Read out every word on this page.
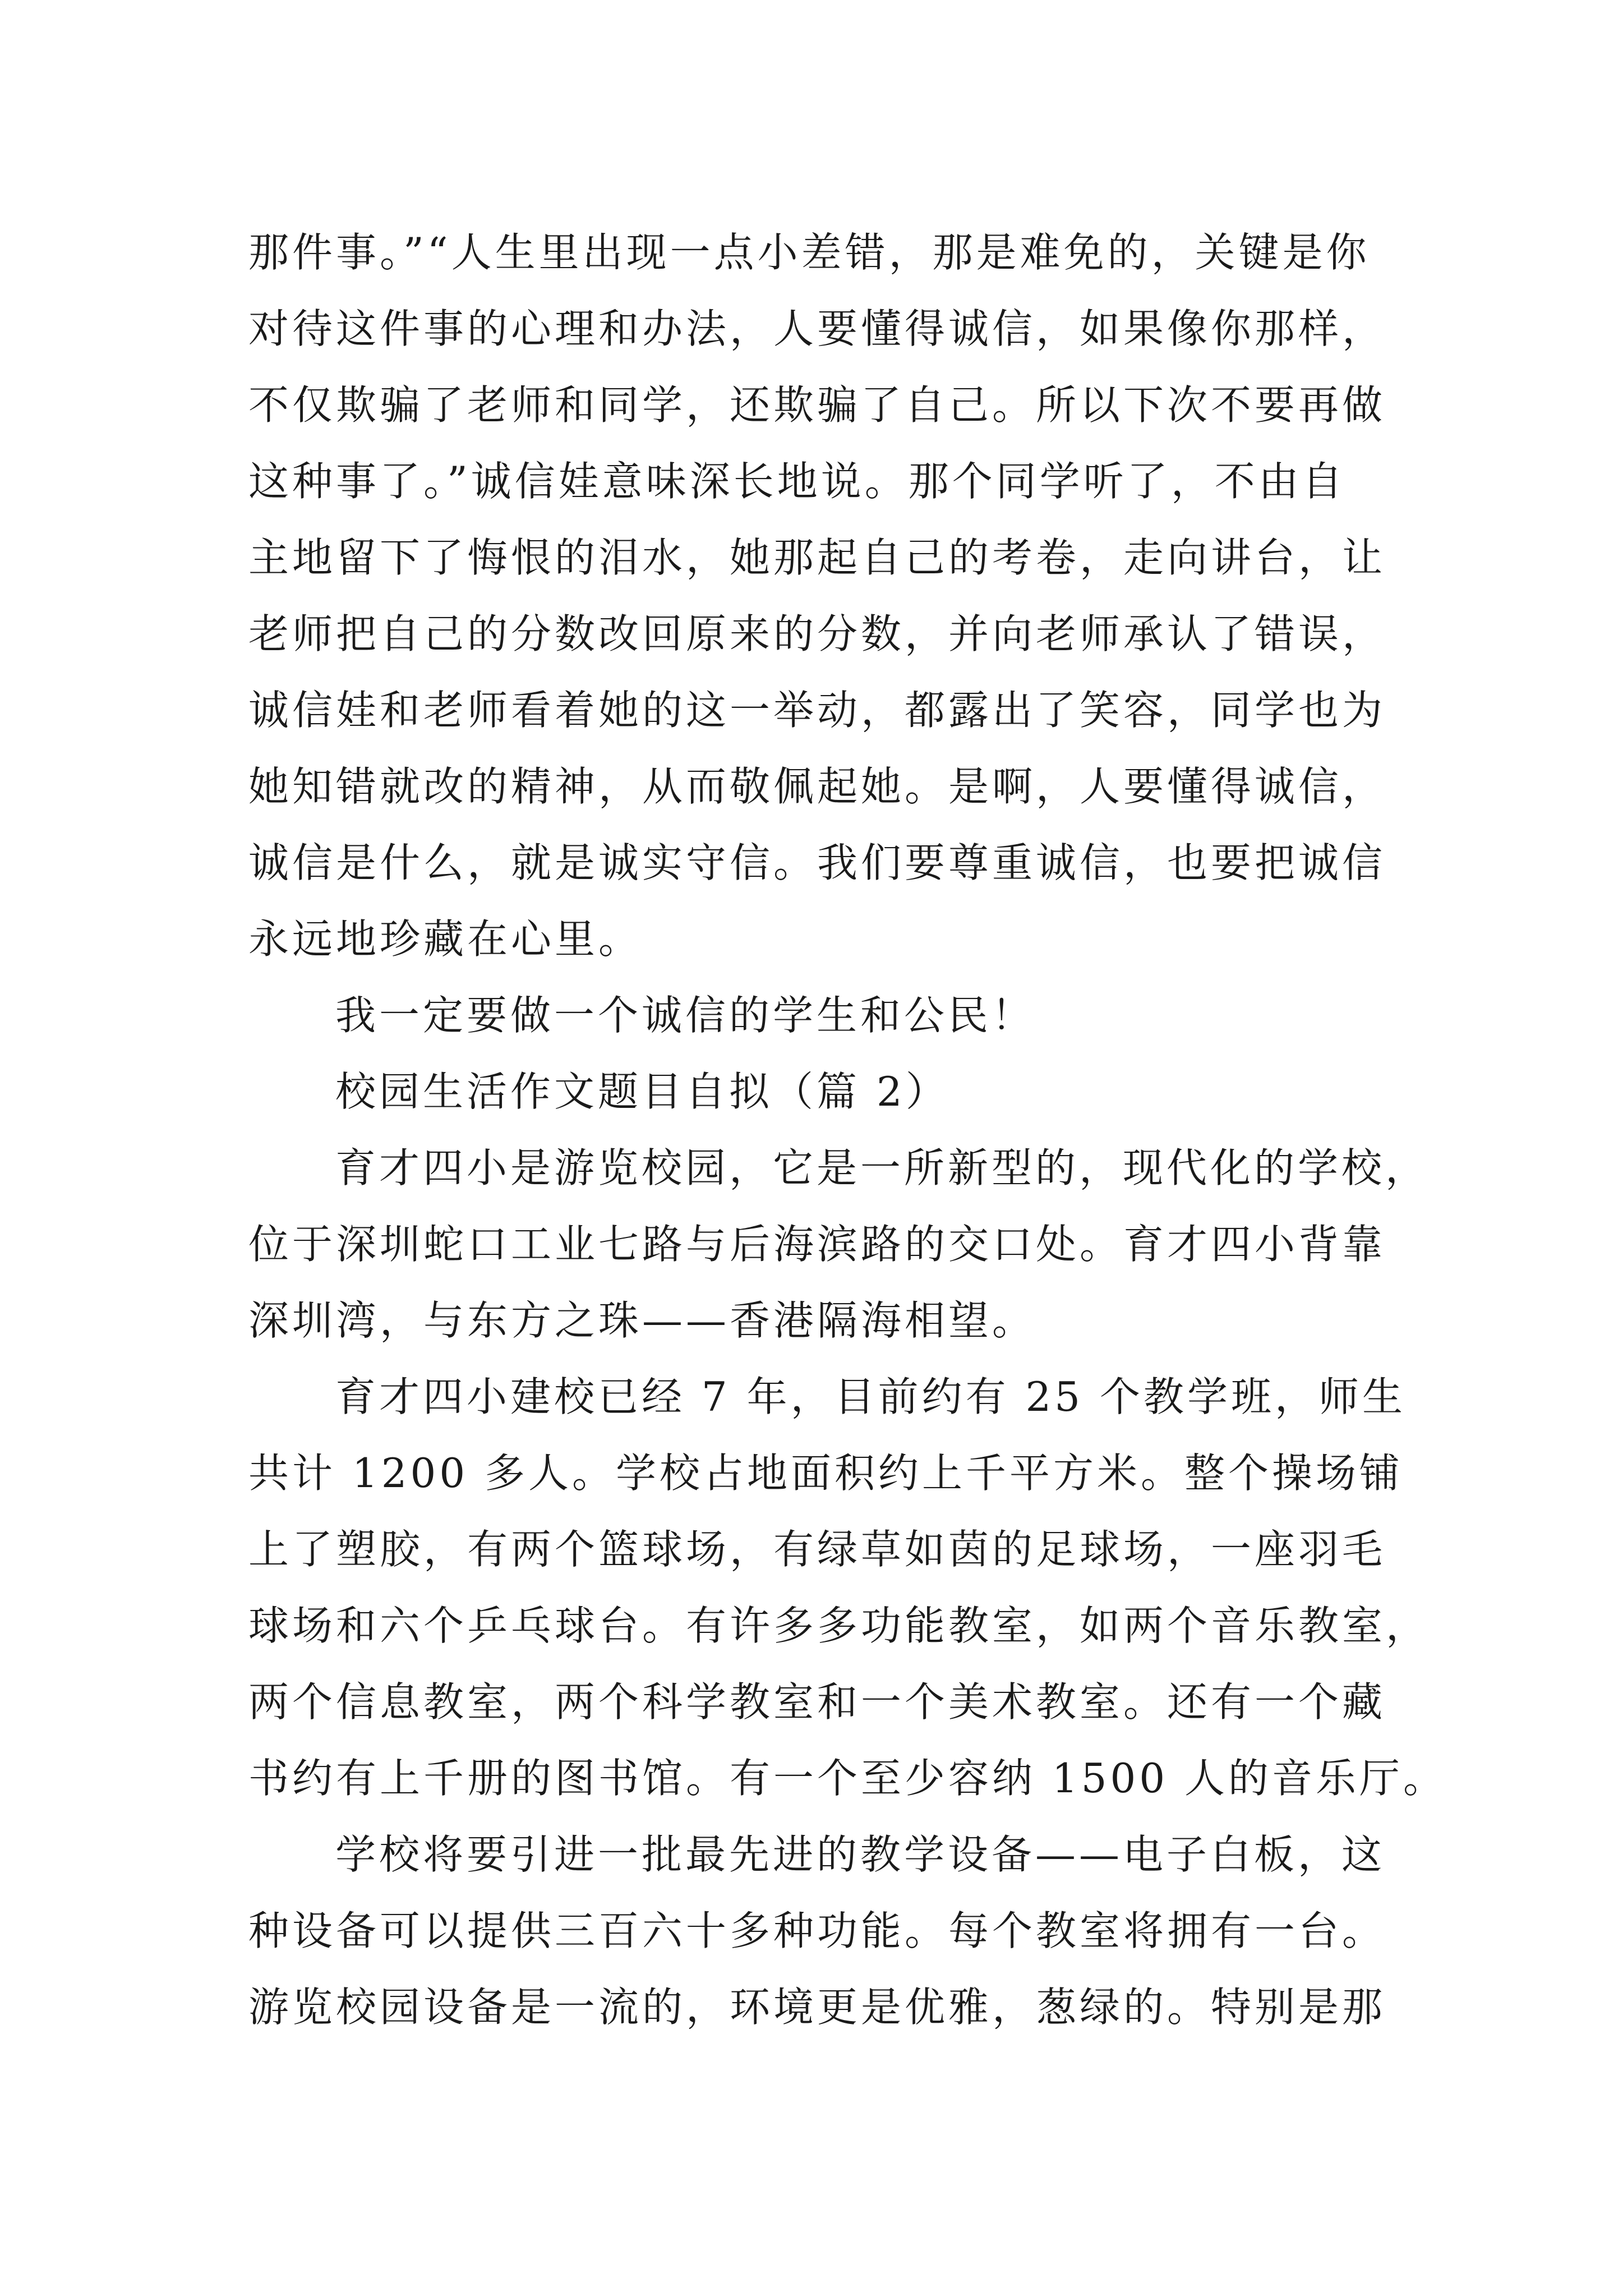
那件事。”“人生里出现一点小差错，那是难免的，关键是你
对待这件事的心理和办法，人要懂得诚信，如果像你那样，
不仅欺骗了老师和同学，还欺骗了自己。所以下次不要再做
这种事了。”诚信娃意味深长地说。那个同学听了，不由自
主地留下了悔恨的泪水，她那起自己的考卷，走向讲台，让
老师把自己的分数改回原来的分数，并向老师承认了错误，
诚信娃和老师看着她的这一举动，都露出了笑容，同学也为
她知错就改的精神，从而敬佩起她。是啊，人要懂得诚信，
诚信是什么，就是诚实守信。我们要尊重诚信，也要把诚信
永远地珍藏在心里。
我一定要做一个诚信的学生和公民！
校园生活作文题目自拟（篇 2）
育才四小是游览校园，它是一所新型的，现代化的学校，
位于深圳蛇口工业七路与后海滨路的交口处。育才四小背靠
深圳湾，与东方之珠——香港隔海相望。
育才四小建校已经 7 年，目前约有 25 个教学班，师生
共计 1200 多人。学校占地面积约上千平方米。整个操场铺
上了塑胶，有两个篮球场，有绿草如茵的足球场，一座羽毛
球场和六个乒乓球台。有许多多功能教室，如两个音乐教室，
两个信息教室，两个科学教室和一个美术教室。还有一个藏
书约有上千册的图书馆。有一个至少容纳 1500 人的音乐厅。
学校将要引进一批最先进的教学设备——电子白板，这
种设备可以提供三百六十多种功能。每个教室将拥有一台。
游览校园设备是一流的，环境更是优雅，葱绿的。特别是那
